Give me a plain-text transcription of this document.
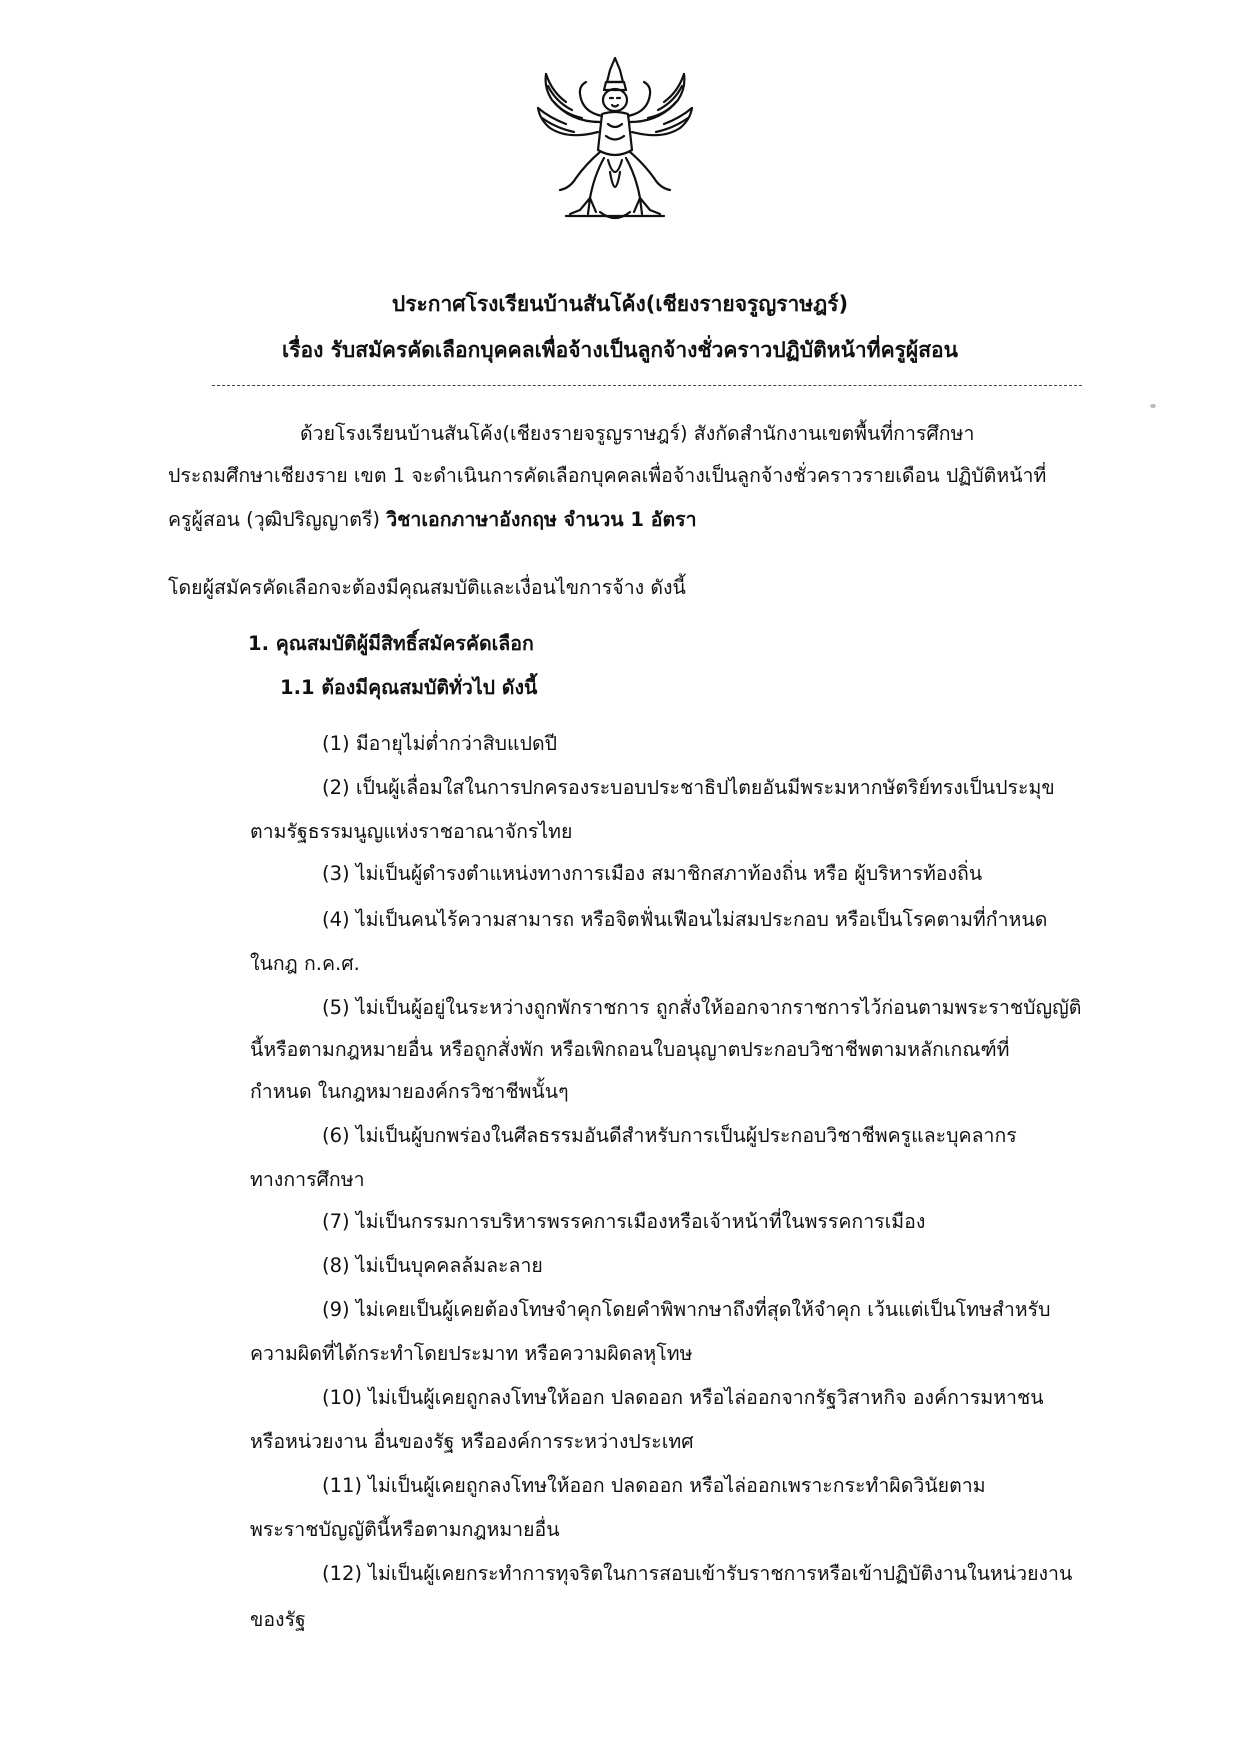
ประกาศโรงเรียนบ้านสันโค้ง(เชียงรายจรูญราษฎร์)
เรื่อง รับสมัครคัดเลือกบุคคลเพื่อจ้างเป็นลูกจ้างชั่วคราวปฏิบัติหน้าที่ครูผู้สอน
ด้วยโรงเรียนบ้านสันโค้ง(เชียงรายจรูญราษฎร์) สังกัดสำนักงานเขตพื้นที่การศึกษา
ประถมศึกษาเชียงราย เขต 1 จะดำเนินการคัดเลือกบุคคลเพื่อจ้างเป็นลูกจ้างชั่วคราวรายเดือน ปฏิบัติหน้าที่
ครูผู้สอน (วุฒิปริญญาตรี) วิชาเอกภาษาอังกฤษ จำนวน 1 อัตรา
โดยผู้สมัครคัดเลือกจะต้องมีคุณสมบัติและเงื่อนไขการจ้าง ดังนี้
1. คุณสมบัติผู้มีสิทธิ์สมัครคัดเลือก
1.1 ต้องมีคุณสมบัติทั่วไป ดังนี้
(1) มีอายุไม่ต่ำกว่าสิบแปดปี
(2) เป็นผู้เลื่อมใสในการปกครองระบอบประชาธิปไตยอันมีพระมหากษัตริย์ทรงเป็นประมุข
ตามรัฐธรรมนูญแห่งราชอาณาจักรไทย
(3) ไม่เป็นผู้ดำรงตำแหน่งทางการเมือง สมาชิกสภาท้องถิ่น หรือ ผู้บริหารท้องถิ่น
(4) ไม่เป็นคนไร้ความสามารถ หรือจิตฟั่นเฟือนไม่สมประกอบ หรือเป็นโรคตามที่กำหนด
ในกฎ ก.ค.ศ.
(5) ไม่เป็นผู้อยู่ในระหว่างถูกพักราชการ ถูกสั่งให้ออกจากราชการไว้ก่อนตามพระราชบัญญัติ
นี้หรือตามกฎหมายอื่น หรือถูกสั่งพัก หรือเพิกถอนใบอนุญาตประกอบวิชาชีพตามหลักเกณฑ์ที่
กำหนด ในกฎหมายองค์กรวิชาชีพนั้นๆ
(6) ไม่เป็นผู้บกพร่องในศีลธรรมอันดีสำหรับการเป็นผู้ประกอบวิชาชีพครูและบุคลากร
ทางการศึกษา
(7) ไม่เป็นกรรมการบริหารพรรคการเมืองหรือเจ้าหน้าที่ในพรรคการเมือง
(8) ไม่เป็นบุคคลล้มละลาย
(9) ไม่เคยเป็นผู้เคยต้องโทษจำคุกโดยคำพิพากษาถึงที่สุดให้จำคุก เว้นแต่เป็นโทษสำหรับ
ความผิดที่ได้กระทำโดยประมาท หรือความผิดลหุโทษ
(10) ไม่เป็นผู้เคยถูกลงโทษให้ออก ปลดออก หรือไล่ออกจากรัฐวิสาหกิจ องค์การมหาชน
หรือหน่วยงาน อื่นของรัฐ หรือองค์การระหว่างประเทศ
(11) ไม่เป็นผู้เคยถูกลงโทษให้ออก ปลดออก หรือไล่ออกเพราะกระทำผิดวินัยตาม
พระราชบัญญัตินี้หรือตามกฎหมายอื่น
(12) ไม่เป็นผู้เคยกระทำการทุจริตในการสอบเข้ารับราชการหรือเข้าปฏิบัติงานในหน่วยงาน
ของรัฐ
